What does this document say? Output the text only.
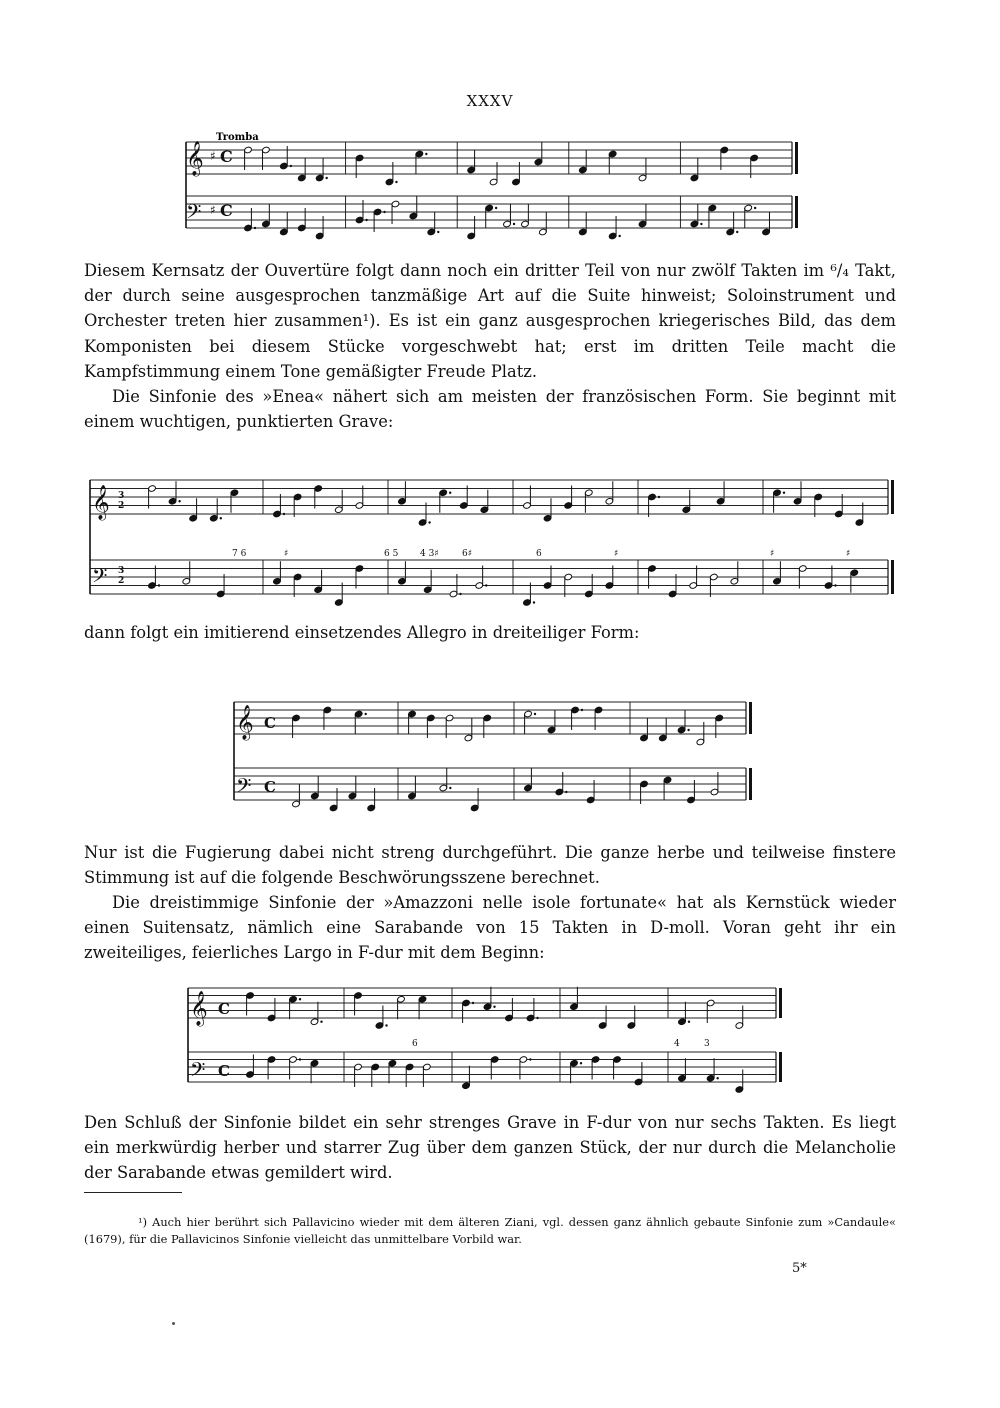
XXXV
Tromba
𝄞
𝄢
♯
♯
C
C
Diesem Kernsatz der Ouvertüre folgt dann noch ein dritter Teil von nur zwölf Takten im ⁶/₄ Takt, der durch seine ausgesprochen tanzmäßige Art auf die Suite hinweist; Soloinstrument und Orchester treten hier zusammen¹). Es ist ein ganz ausgesprochen kriegerisches Bild, das dem Komponisten bei diesem Stücke vorgeschwebt hat; erst im dritten Teile macht die Kampfstimmung einem Tone gemäßigter Freude Platz.
Die Sinfonie des »Enea« nähert sich am meisten der französischen Form. Sie beginnt mit einem wuchtigen, punktierten Grave:
7 6	♯	6 5 4 3♯	6♯	6	♯	♯	♯
𝄞
𝄢
3
2
3
2
dann folgt ein imitierend einsetzendes Allegro in dreiteiliger Form:
𝄞
𝄢
C
C
Nur ist die Fugierung dabei nicht streng durchgeführt. Die ganze herbe und teilweise finstere Stimmung ist auf die folgende Beschwörungsszene berechnet.
Die dreistimmige Sinfonie der »Amazzoni nelle isole fortunate« hat als Kernstück wieder einen Suitensatz, nämlich eine Sarabande von 15 Takten in D-moll. Voran geht ihr ein zweiteiliges, feierliches Largo in F-dur mit dem Beginn:
6	4	3
𝄞
𝄢
C
C
Den Schluß der Sinfonie bildet ein sehr strenges Grave in F-dur von nur sechs Takten. Es liegt ein merkwürdig herber und starrer Zug über dem ganzen Stück, der nur durch die Melancholie der Sarabande etwas gemildert wird.
¹) Auch hier berührt sich Pallavicino wieder mit dem älteren Ziani, vgl. dessen ganz ähnlich gebaute Sinfonie zum »Candaule« (1679), für die Pallavicinos Sinfonie vielleicht das unmittelbare Vorbild war.
5*
